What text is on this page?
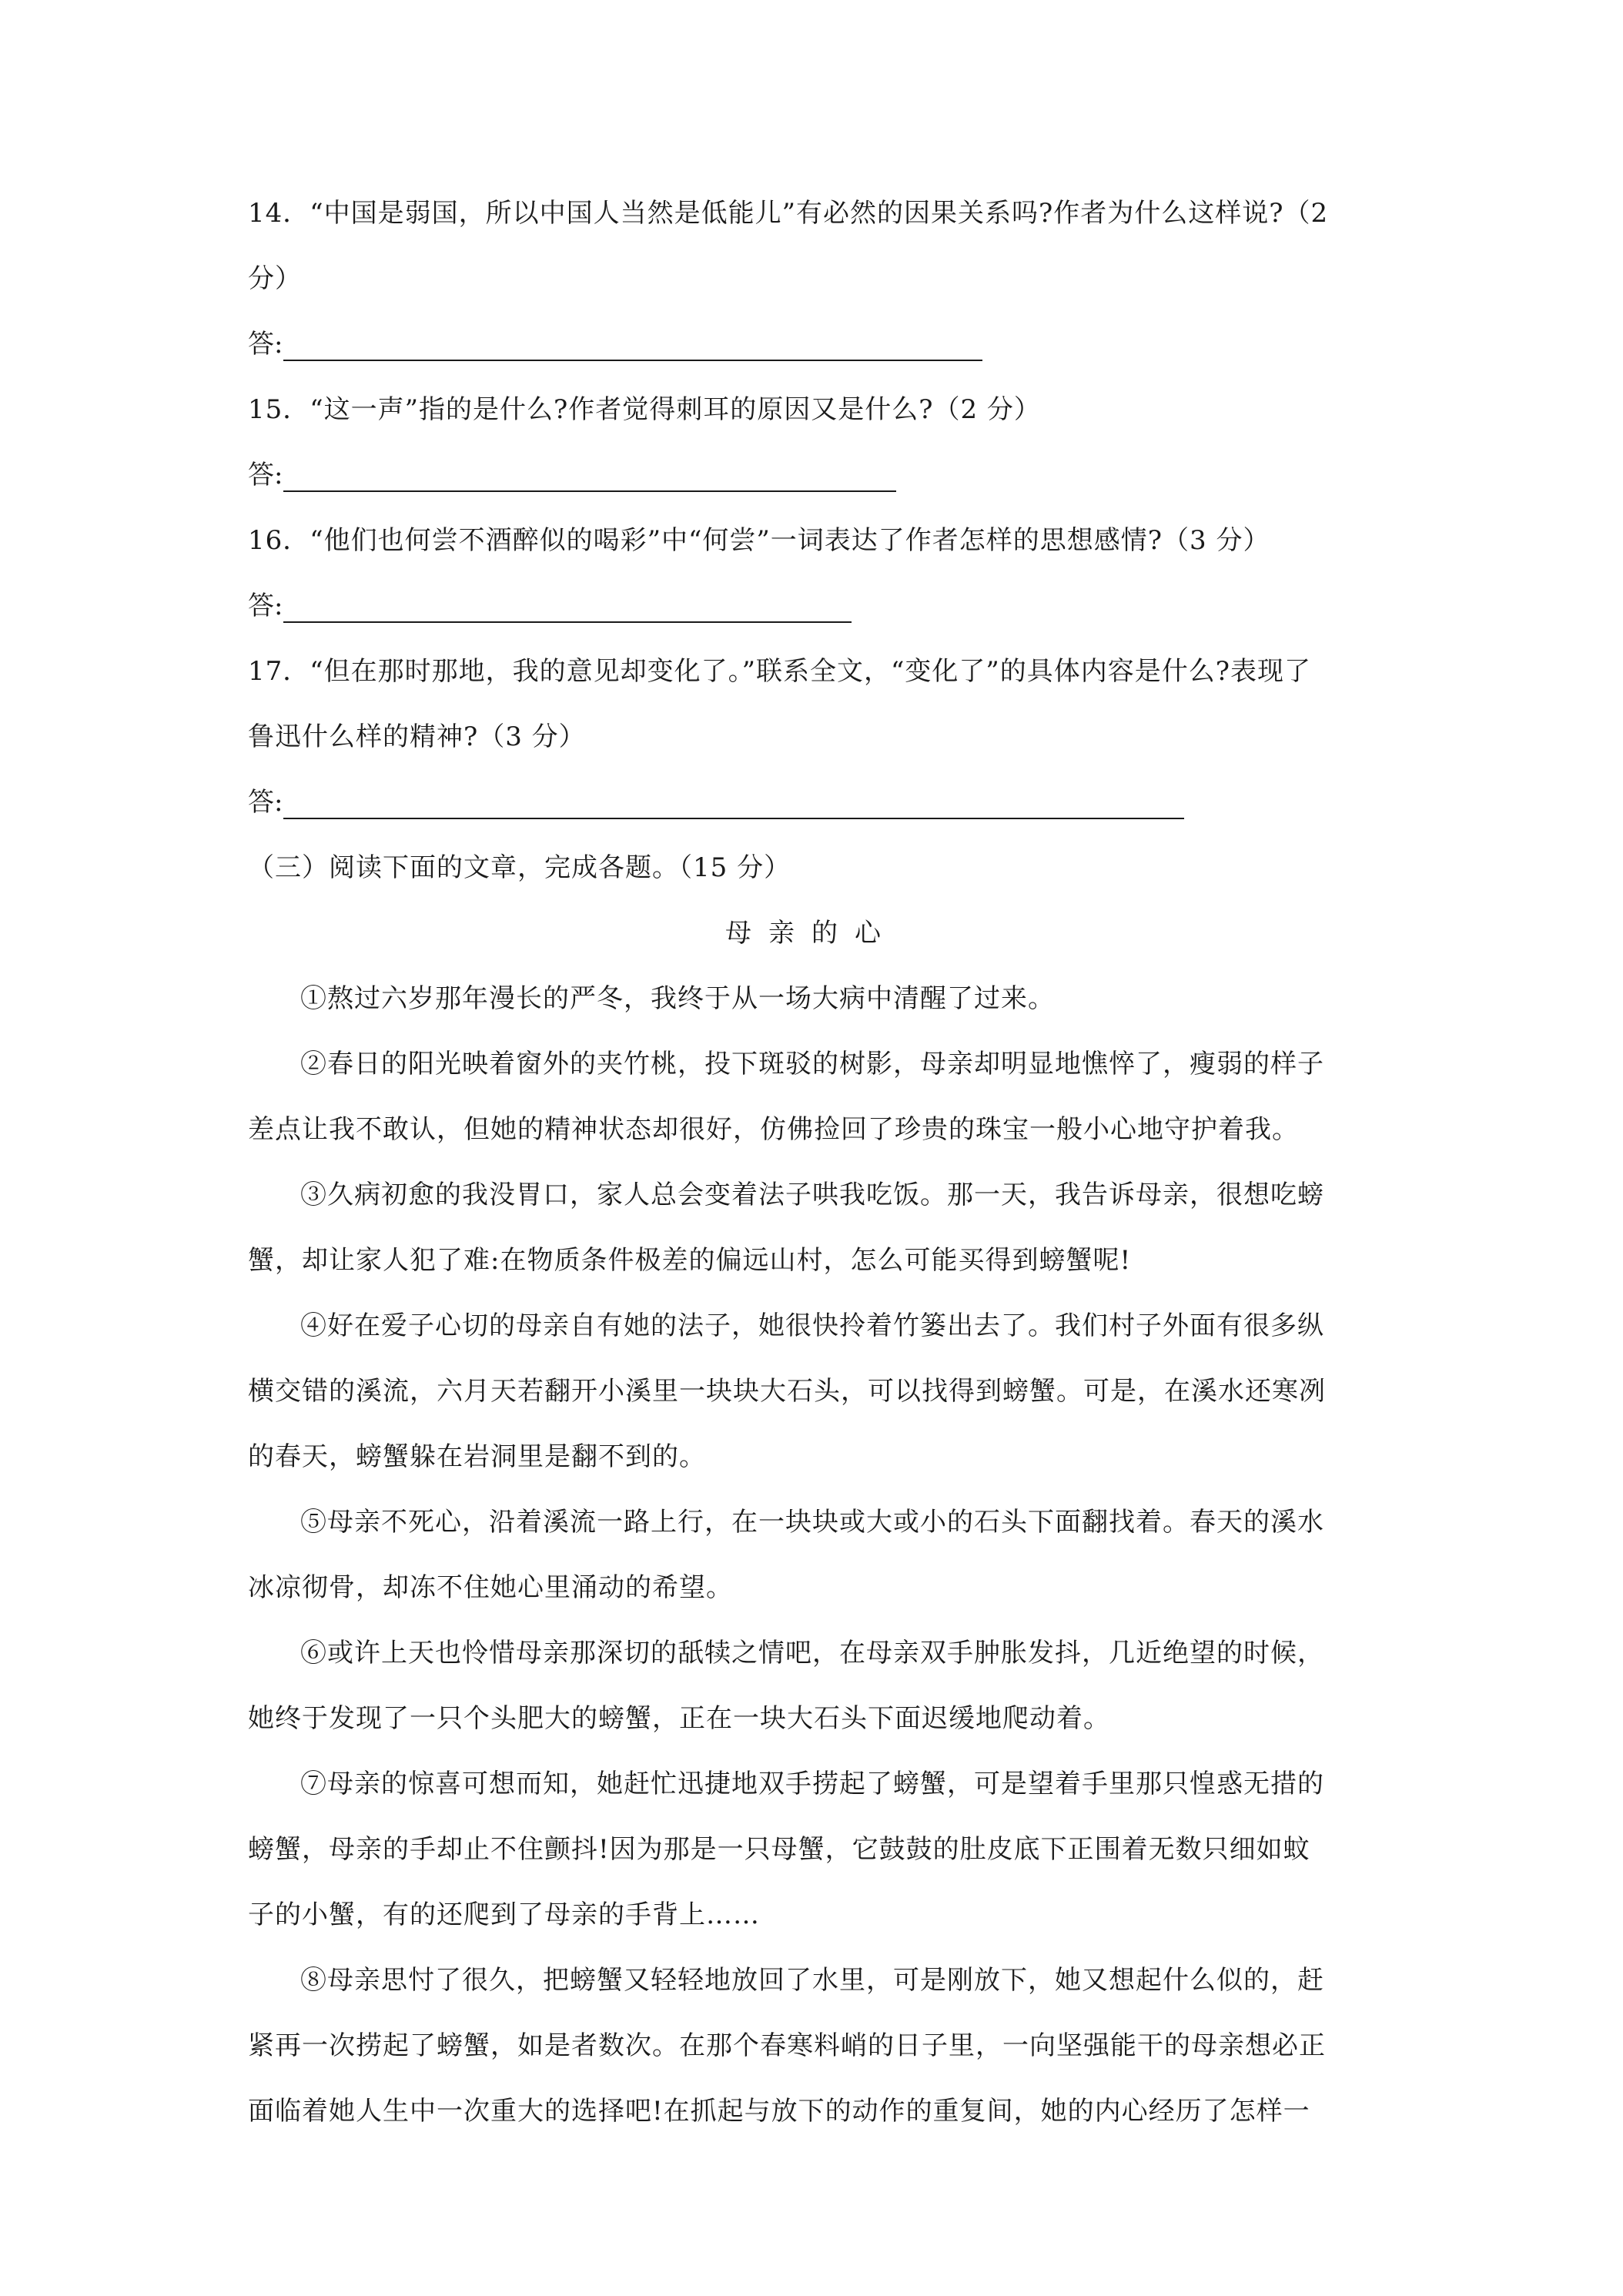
14．“中国是弱国，所以中国人当然是低能儿”有必然的因果关系吗?作者为什么这样说?（2
分）
答:
15．“这一声”指的是什么?作者觉得刺耳的原因又是什么?（2 分）
答:
16．“他们也何尝不酒醉似的喝彩”中“何尝”一词表达了作者怎样的思想感情?（3 分）
答:
17．“但在那时那地，我的意见却变化了。”联系全文，“变化了”的具体内容是什么?表现了
鲁迅什么样的精神?（3 分）
答:
（三）阅读下面的文章，完成各题。（15 分）
母亲的心
①熬过六岁那年漫长的严冬，我终于从一场大病中清醒了过来。
②春日的阳光映着窗外的夹竹桃，投下斑驳的树影，母亲却明显地憔悴了，瘦弱的样子
差点让我不敢认，但她的精神状态却很好，仿佛捡回了珍贵的珠宝一般小心地守护着我。
③久病初愈的我没胃口，家人总会变着法子哄我吃饭。那一天，我告诉母亲，很想吃螃
蟹，却让家人犯了难:在物质条件极差的偏远山村，怎么可能买得到螃蟹呢!
④好在爱子心切的母亲自有她的法子，她很快拎着竹篓出去了。我们村子外面有很多纵
横交错的溪流，六月天若翻开小溪里一块块大石头，可以找得到螃蟹。可是，在溪水还寒冽
的春天，螃蟹躲在岩洞里是翻不到的。
⑤母亲不死心，沿着溪流一路上行，在一块块或大或小的石头下面翻找着。春天的溪水
冰凉彻骨，却冻不住她心里涌动的希望。
⑥或许上天也怜惜母亲那深切的舐犊之情吧，在母亲双手肿胀发抖，几近绝望的时候，
她终于发现了一只个头肥大的螃蟹，正在一块大石头下面迟缓地爬动着。
⑦母亲的惊喜可想而知，她赶忙迅捷地双手捞起了螃蟹，可是望着手里那只惶惑无措的
螃蟹，母亲的手却止不住颤抖!因为那是一只母蟹，它鼓鼓的肚皮底下正围着无数只细如蚊
子的小蟹，有的还爬到了母亲的手背上……
⑧母亲思忖了很久，把螃蟹又轻轻地放回了水里，可是刚放下，她又想起什么似的，赶
紧再一次捞起了螃蟹，如是者数次。在那个春寒料峭的日子里，一向坚强能干的母亲想必正
面临着她人生中一次重大的选择吧!在抓起与放下的动作的重复间，她的内心经历了怎样一
